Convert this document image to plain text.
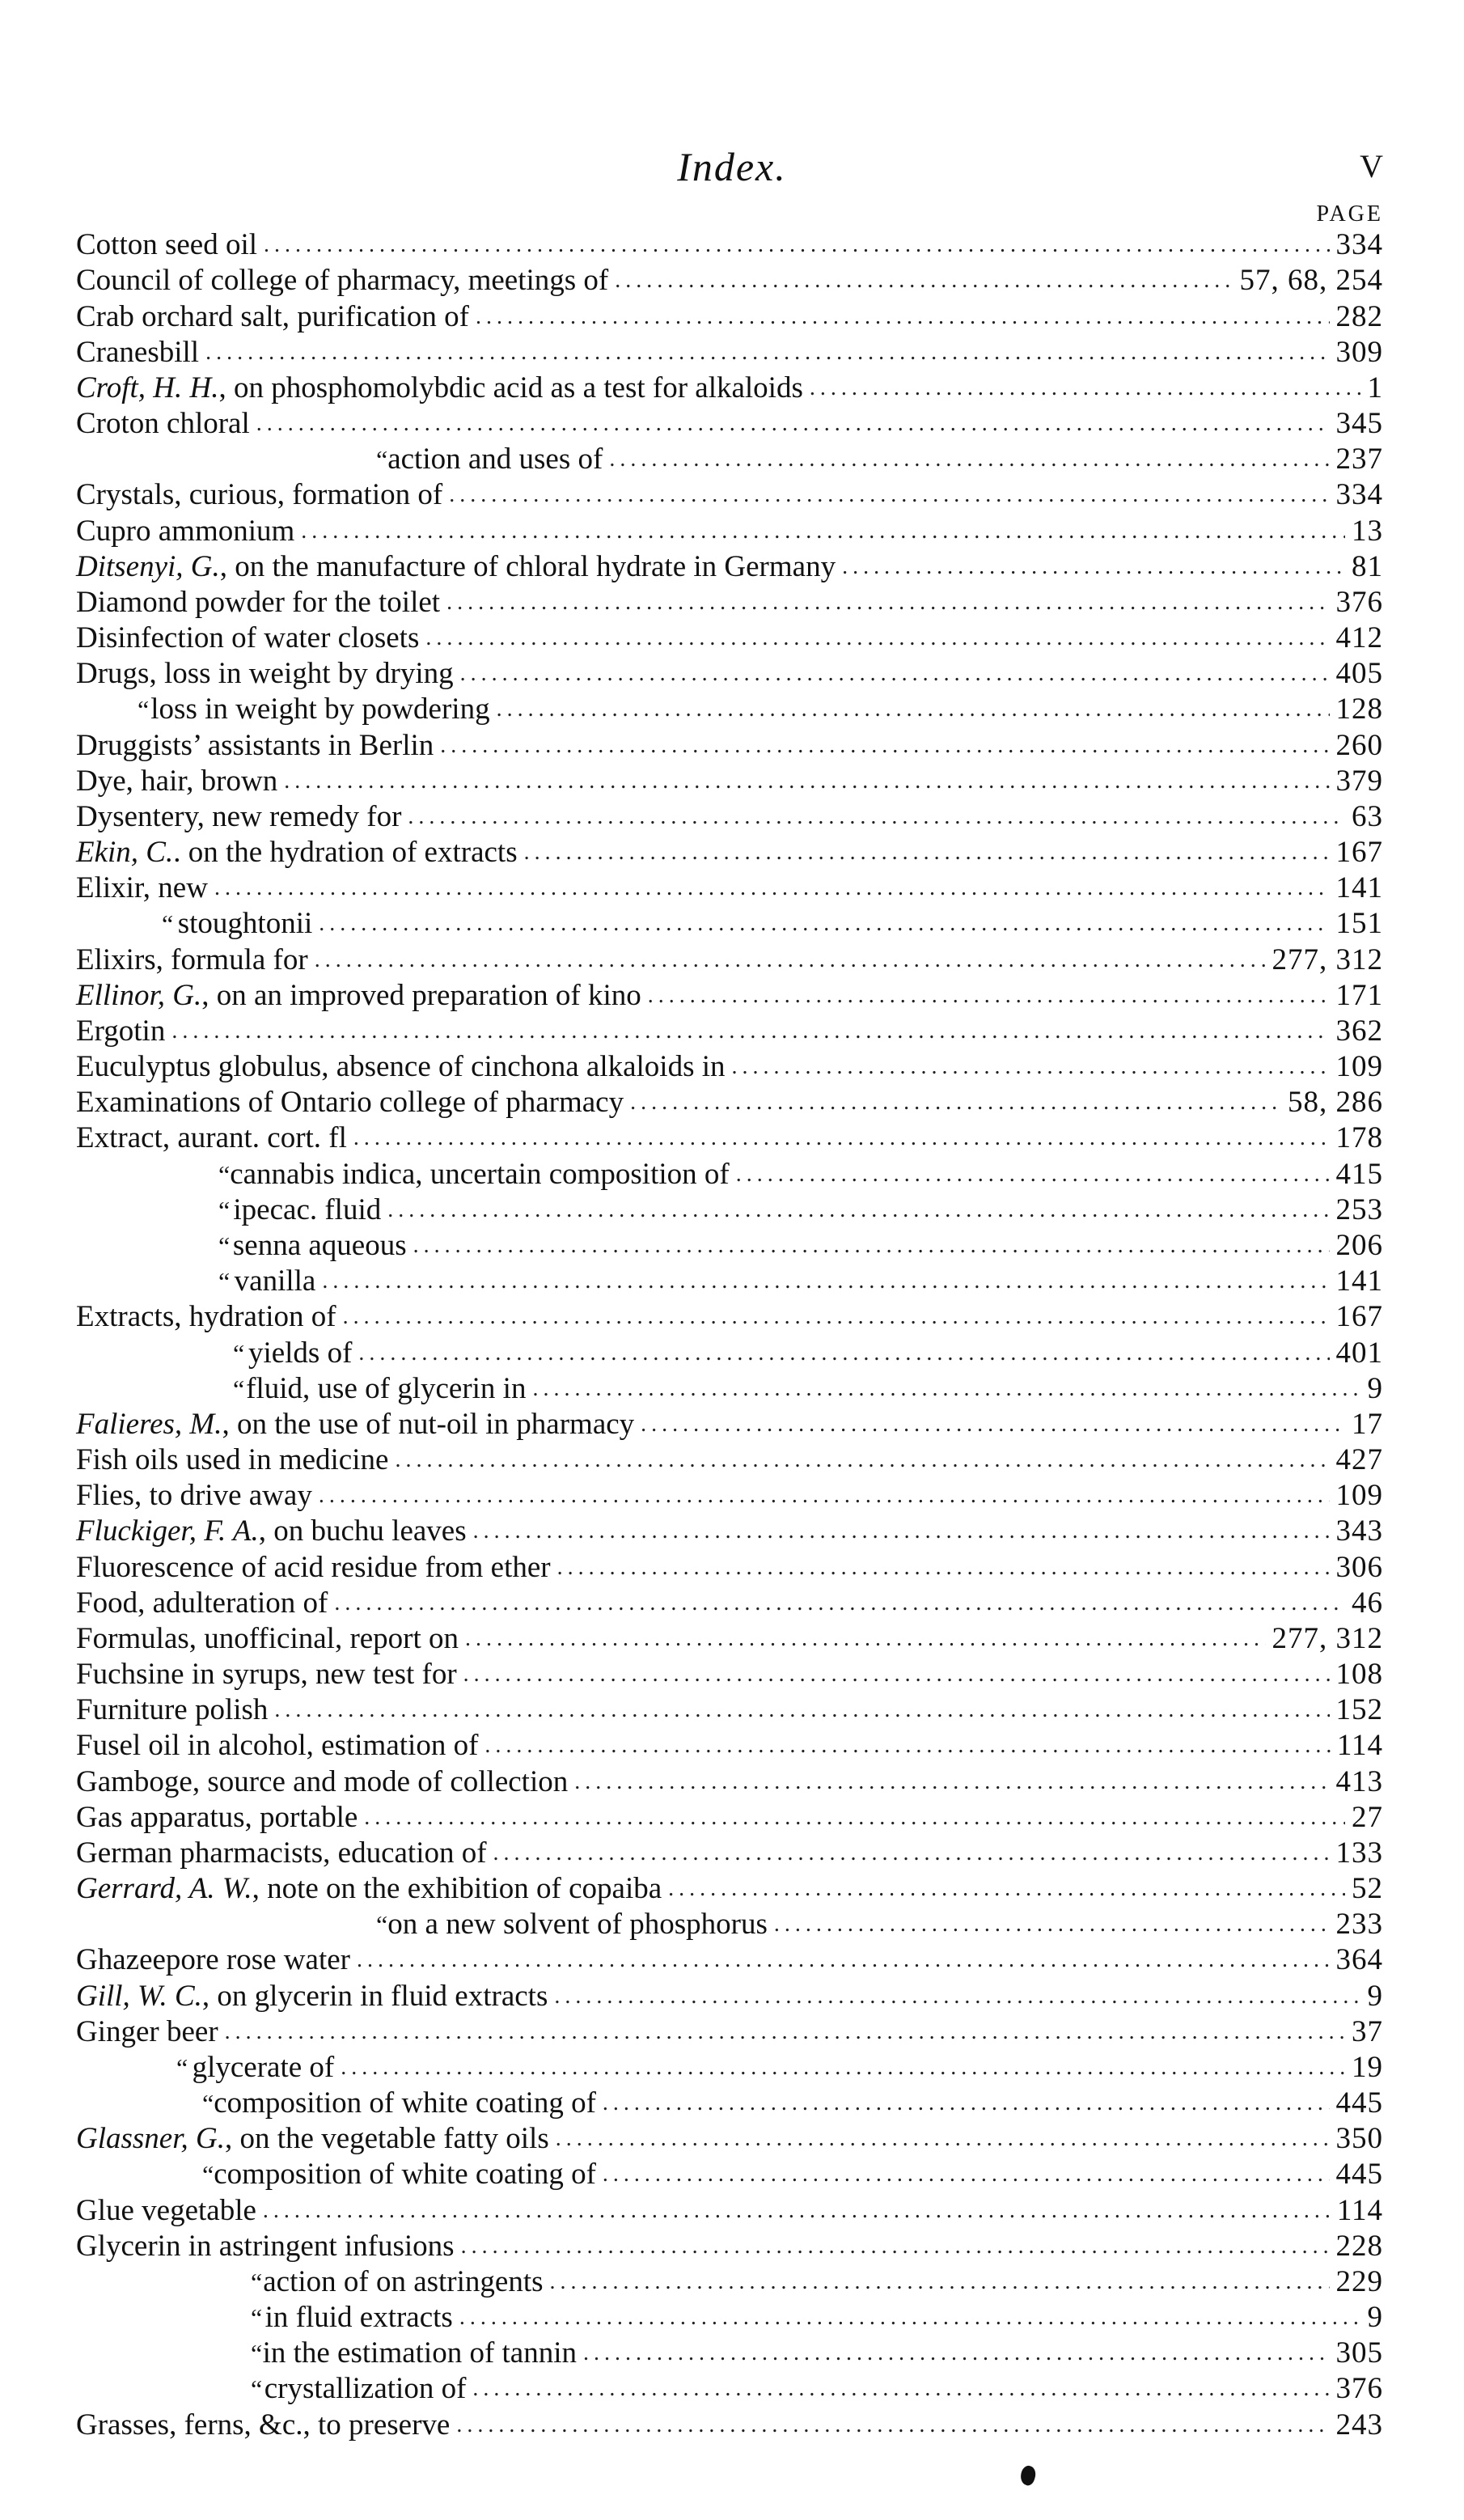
Index.	V
PAGE
Cotton seed oil .....	334
Council of college of pharmacy, meetings of .....	57, 68, 254
Crab orchard salt, purification of .....	282
Cranesbill .....	309
Croft, H. H. , on phosphomolybdic acid as a test for alkaloids .....	1
Croton chloral .....	345
“ action and uses of .....	237
Crystals, curious, formation of .....	334
Cupro ammonium .....	13
Ditsenyi, G. , on the manufacture of chloral hydrate in Germany .....	81
Diamond powder for the toilet .....	376
Disinfection of water closets .....	412
Drugs, loss in weight by drying .....	405
“ loss in weight by powdering .....	128
Druggists’ assistants in Berlin .....	260
Dye, hair, brown .....	379
Dysentery, new remedy for .....	63
Ekin, C. . on the hydration of extracts .....	167
Elixir, new .....	141
“ stoughtonii .....	151
Elixirs, formula for .....	277, 312
Ellinor, G. , on an improved preparation of kino .....	171
Ergotin .....	362
Euculyptus globulus, absence of cinchona alkaloids in .....	109
Examinations of Ontario college of pharmacy .....	58, 286
Extract, aurant. cort. fl .....	178
“ cannabis indica, uncertain composition of .....	415
“ ipecac. fluid .....	253
“ senna aqueous .....	206
“ vanilla .....	141
Extracts, hydration of .....	167
“ yields of .....	401
“ fluid, use of glycerin in .....	9
Falieres, M. , on the use of nut-oil in pharmacy .....	17
Fish oils used in medicine .....	427
Flies, to drive away .....	109
Fluckiger, F. A. , on buchu leaves .....	343
Fluorescence of acid residue from ether .....	306
Food, adulteration of .....	46
Formulas, unofficinal, report on .....	277, 312
Fuchsine in syrups, new test for .....	108
Furniture polish .....	152
Fusel oil in alcohol, estimation of .....	114
Gamboge, source and mode of collection .....	413
Gas apparatus, portable .....	27
German pharmacists, education of .....	133
Gerrard, A. W. , note on the exhibition of copaiba .....	52
“ on a new solvent of phosphorus .....	233
Ghazeepore rose water .....	364
Gill, W. C. , on glycerin in fluid extracts .....	9
Ginger beer .....	37
“ glycerate of .....	19
“ composition of white coating of .....	445
Glassner, G. , on the vegetable fatty oils .....	350
“ composition of white coating of .....	445
Glue vegetable .....	114
Glycerin in astringent infusions .....	228
“ action of on astringents .....	229
“ in fluid extracts .....	9
“ in the estimation of tannin .....	305
“ crystallization of .....	376
Grasses, ferns, &c., to preserve .....	243
